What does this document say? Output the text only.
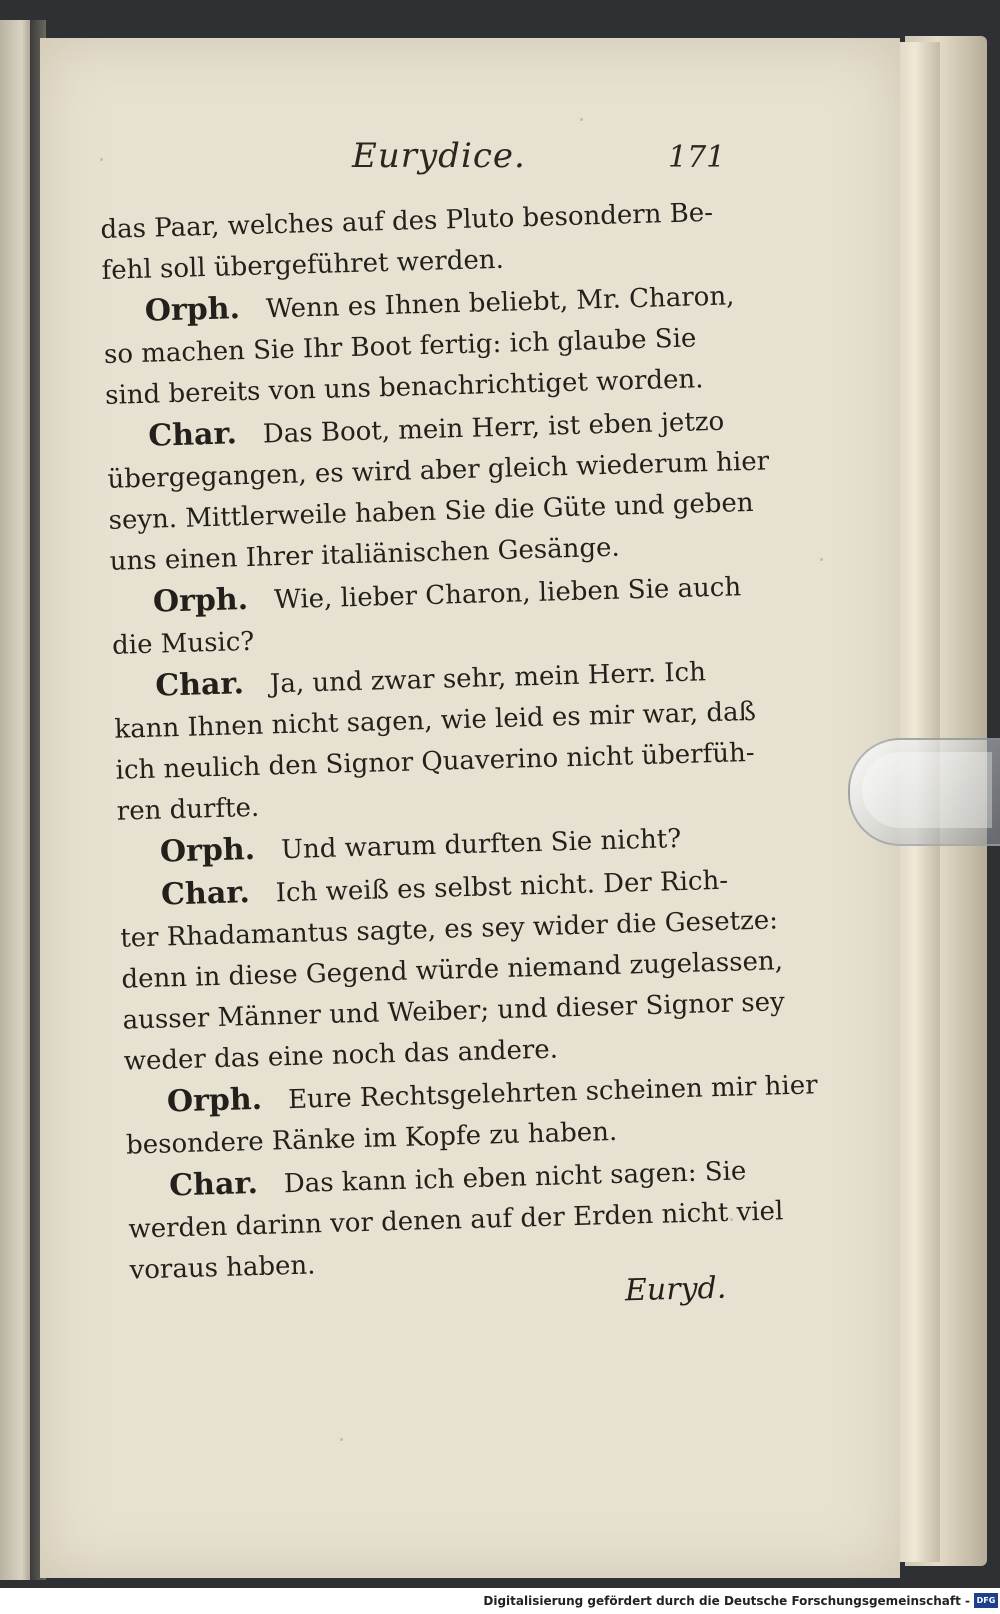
Eurydice.	171

das Paar, welches auf des Pluto besondern Be-

fehl soll übergeführet werden.

Orph. Wenn es Ihnen beliebt, Mr. Charon,

so machen Sie Ihr Boot fertig: ich glaube Sie

sind bereits von uns benachrichtiget worden.

Char. Das Boot, mein Herr, ist eben jetzo

übergegangen, es wird aber gleich wiederum hier

seyn. Mittlerweile haben Sie die Güte und geben

uns einen Ihrer italiänischen Gesänge.

Orph. Wie, lieber Charon, lieben Sie auch

die Music?

Char. Ja, und zwar sehr, mein Herr. Ich

kann Ihnen nicht sagen, wie leid es mir war, daß

ich neulich den Signor Quaverino nicht überfüh-

ren durfte.

Orph. Und warum durften Sie nicht?

Char. Ich weiß es selbst nicht. Der Rich-

ter Rhadamantus sagte, es sey wider die Gesetze:

denn in diese Gegend würde niemand zugelassen,

ausser Männer und Weiber; und dieser Signor sey

weder das eine noch das andere.

Orph. Eure Rechtsgelehrten scheinen mir hier

besondere Ränke im Kopfe zu haben.

Char. Das kann ich eben nicht sagen: Sie

werden darinn vor denen auf der Erden nicht viel

voraus haben.

Euryd.
Digitalisierung gefördert durch die Deutsche Forschungsgemeinschaft - DFG
